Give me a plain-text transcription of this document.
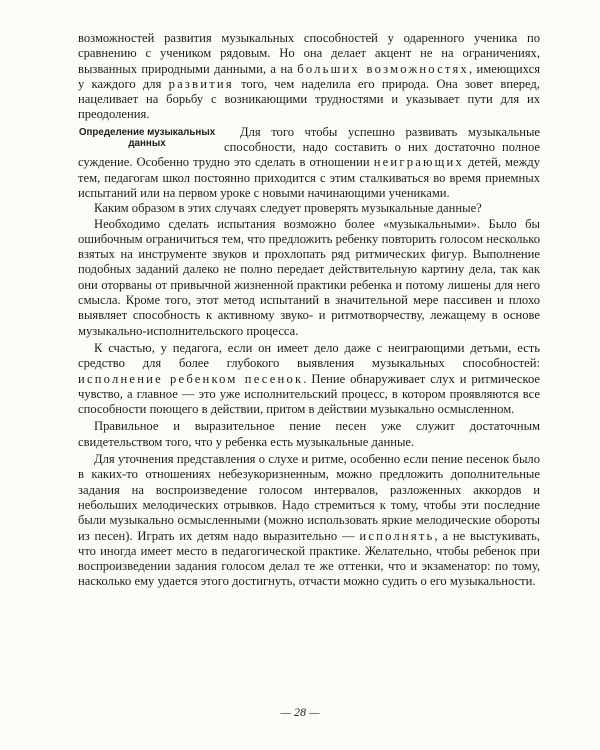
возможностей развития музыкальных способностей у одаренного ученика по сравнению с учеником рядовым. Но она делает акцент не на ограничениях, вызванных природными данными, а на больших возможностях, имеющихся у каждого для развития того, чем наделила его природа. Она зовет вперед, нацеливает на борьбу с возникающими трудностями и указывает пути для их преодоления.

Определение музыкальных данных
Для того чтобы успешно развивать музыкальные способности, надо составить о них достаточно полное суждение. Особенно трудно это сделать в отношении неиграющих детей, между тем, педагогам школ постоянно приходится с этим сталкиваться во время приемных испытаний или на первом уроке с новыми начинающими учениками.

Каким образом в этих случаях следует проверять музыкальные данные?

Необходимо сделать испытания возможно более «музыкальными». Было бы ошибочным ограничиться тем, что предложить ребенку повторить голосом несколько взятых на инструменте звуков и прохлопать ряд ритмических фигур. Выполнение подобных заданий далеко не полно передает действительную картину дела, так как они оторваны от привычной жизненной практики ребенка и потому лишены для него смысла. Кроме того, этот метод испытаний в значительной мере пассивен и плохо выявляет способность к активному звуко- и ритмотворчеству, лежащему в основе музыкально-исполнительского процесса.

К счастью, у педагога, если он имеет дело даже с неиграющими детьми, есть средство для более глубокого выявления музыкальных способностей: исполнение ребенком песенок. Пение обнаруживает слух и ритмическое чувство, а главное — это уже исполнительский процесс, в котором проявляются все способности поющего в действии, притом в действии музыкально осмысленном.

Правильное и выразительное пение песен уже служит достаточным свидетельством того, что у ребенка есть музыкальные данные.

Для уточнения представления о слухе и ритме, особенно если пение песенок было в каких-то отношениях небезукоризненным, можно предложить дополнительные задания на воспроизведение голосом интервалов, разложенных аккордов и небольших мелодических отрывков. Надо стремиться к тому, чтобы эти последние были музыкально осмысленными (можно использовать яркие мелодические обороты из песен). Играть их детям надо выразительно — исполнять, а не выстукивать, что иногда имеет место в педагогической практике. Желательно, чтобы ребенок при воспроизведении задания голосом делал те же оттенки, что и экзаменатор: по тому, насколько ему удается этого достигнуть, отчасти можно судить о его музыкальности.

— 28 —
